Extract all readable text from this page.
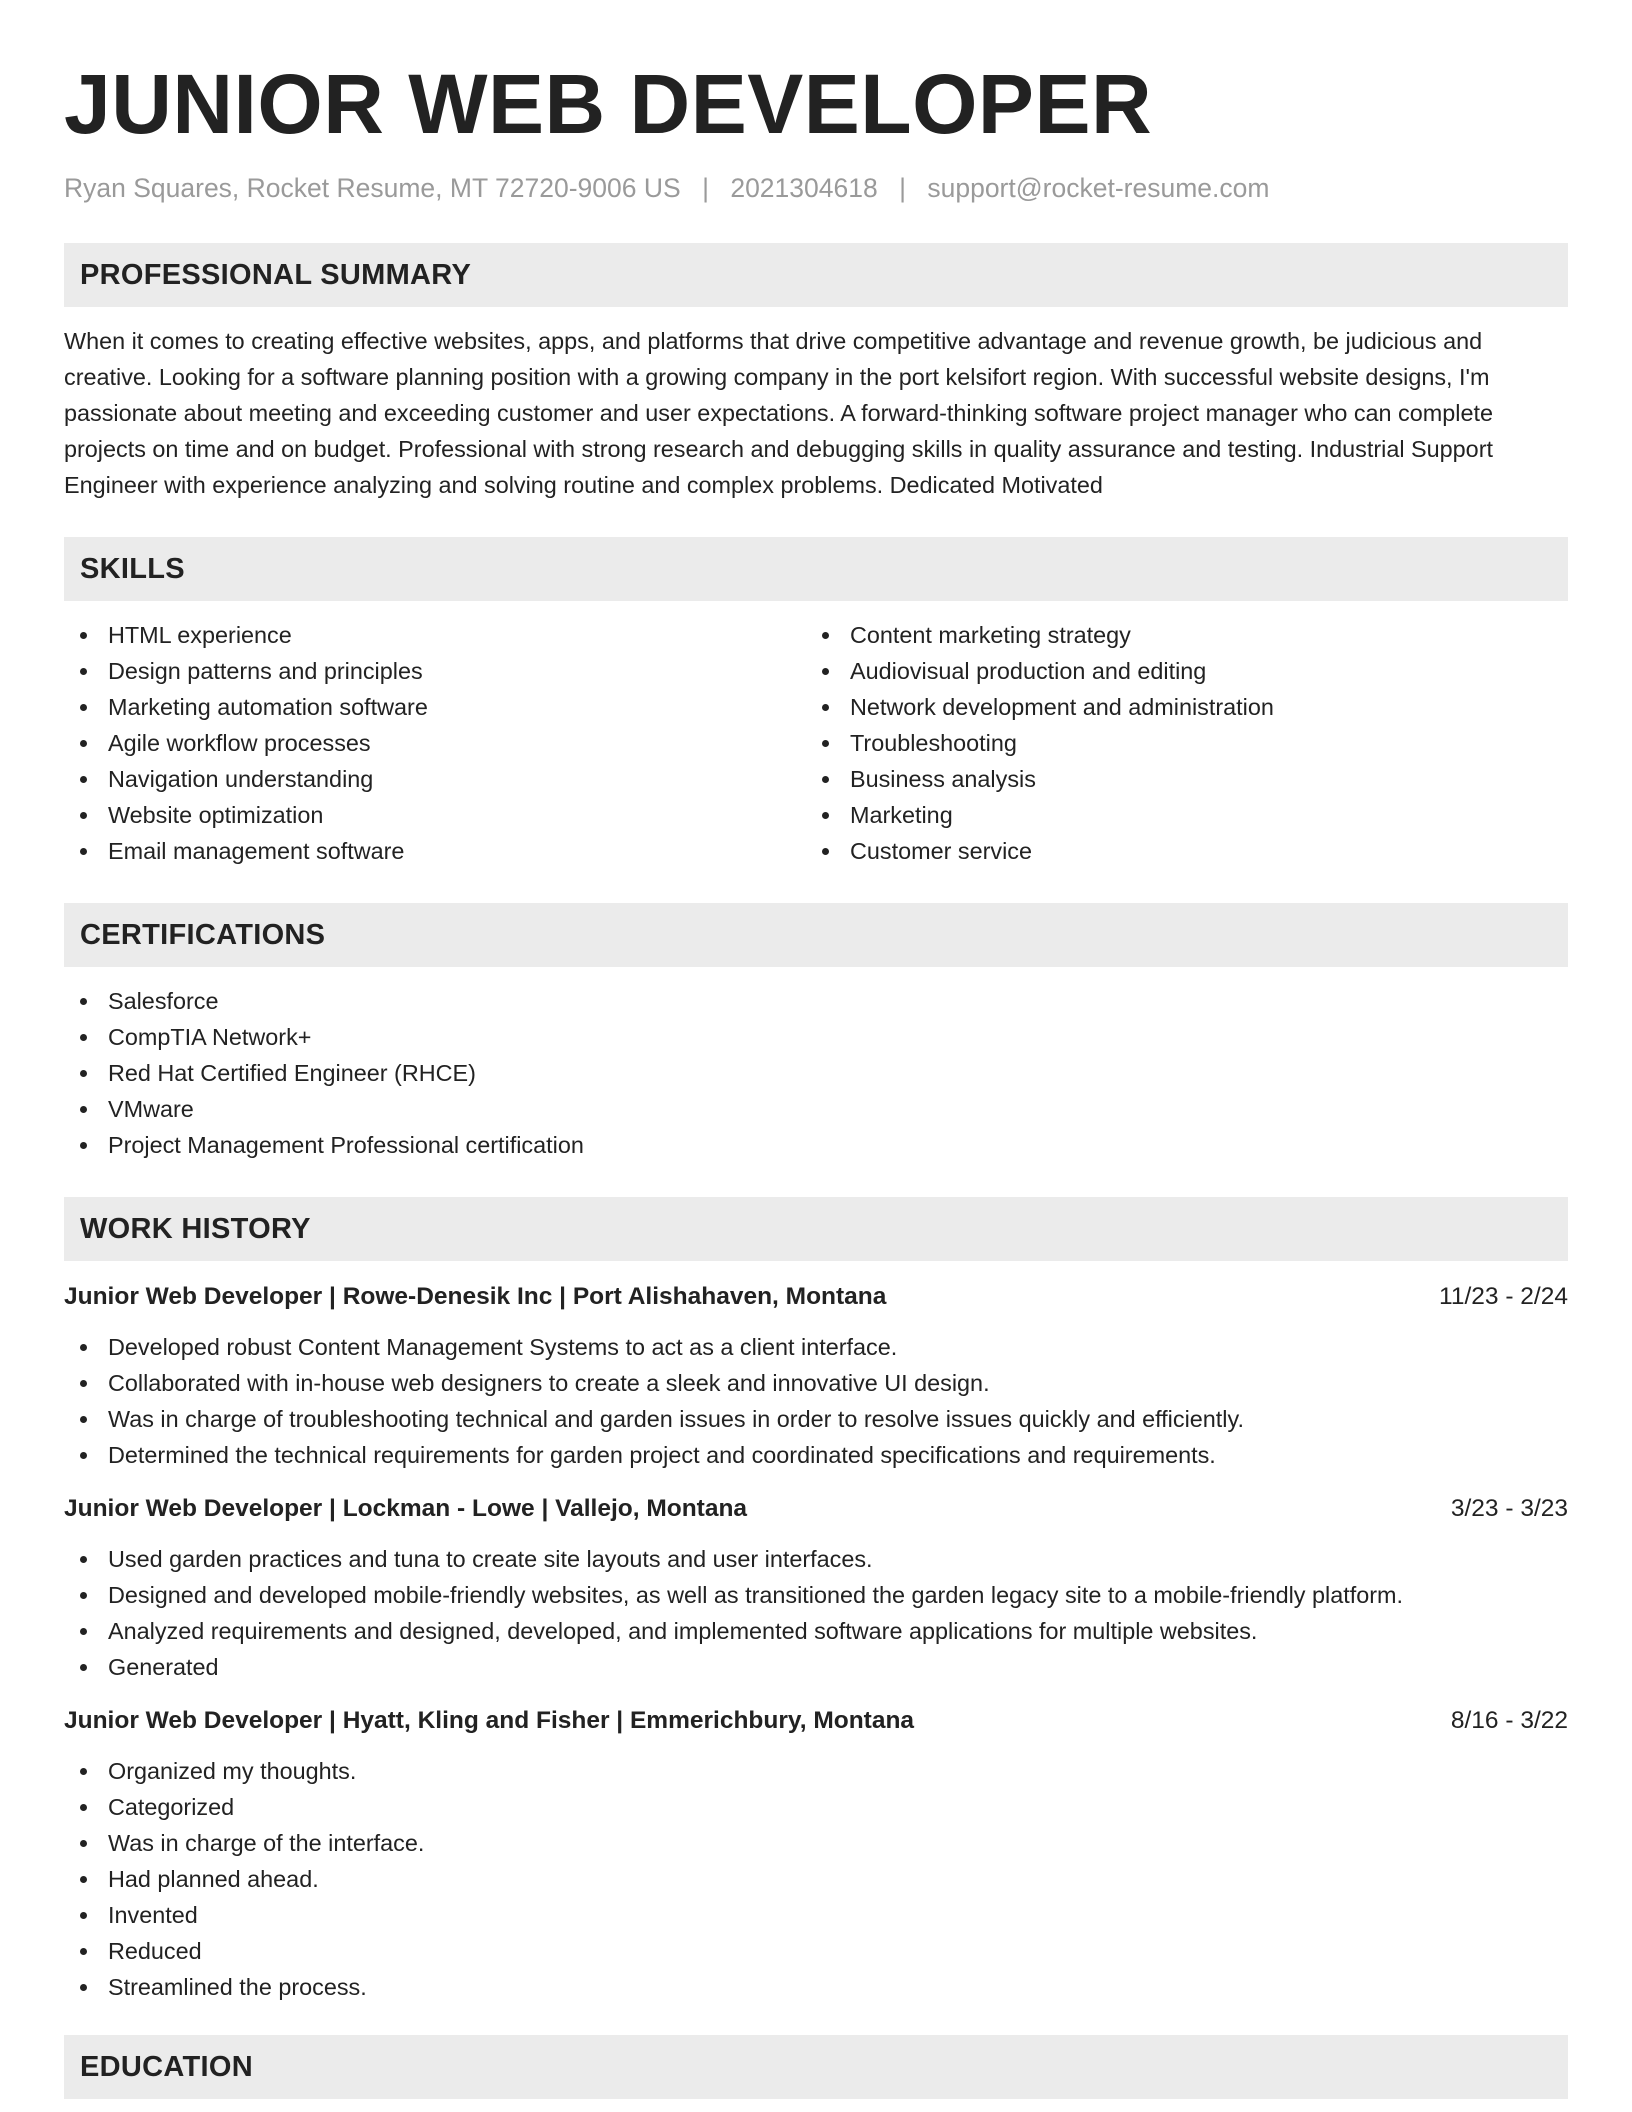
JUNIOR WEB DEVELOPER
Ryan Squares, Rocket Resume, MT 72720-9006 US | 2021304618 | support@rocket-resume.com
PROFESSIONAL SUMMARY

When it comes to creating effective websites, apps, and platforms that drive competitive advantage and revenue growth, be judicious and creative. Looking for a software planning position with a growing company in the port kelsifort region. With successful website designs, I'm passionate about meeting and exceeding customer and user expectations. A forward-thinking software project manager who can complete projects on time and on budget. Professional with strong research and debugging skills in quality assurance and testing. Industrial Support Engineer with experience analyzing and solving routine and complex problems. Dedicated Motivated

SKILLS
HTML experience
Design patterns and principles
Marketing automation software
Agile workflow processes
Navigation understanding
Website optimization
Email management software
Content marketing strategy
Audiovisual production and editing
Network development and administration
Troubleshooting
Business analysis
Marketing
Customer service
CERTIFICATIONS
Salesforce
CompTIA Network+
Red Hat Certified Engineer (RHCE)
VMware
Project Management Professional certification
WORK HISTORY
Junior Web Developer | Rowe-Denesik Inc | Port Alishahaven, Montana	11/23 - 2/24
Developed robust Content Management Systems to act as a client interface.
Collaborated with in-house web designers to create a sleek and innovative UI design.
Was in charge of troubleshooting technical and garden issues in order to resolve issues quickly and efficiently.
Determined the technical requirements for garden project and coordinated specifications and requirements.
Junior Web Developer | Lockman - Lowe | Vallejo, Montana	3/23 - 3/23
Used garden practices and tuna to create site layouts and user interfaces.
Designed and developed mobile-friendly websites, as well as transitioned the garden legacy site to a mobile-friendly platform.
Analyzed requirements and designed, developed, and implemented software applications for multiple websites.
Generated
Junior Web Developer | Hyatt, Kling and Fisher | Emmerichbury, Montana	8/16 - 3/22
Organized my thoughts.
Categorized
Was in charge of the interface.
Had planned ahead.
Invented
Reduced
Streamlined the process.
EDUCATION
